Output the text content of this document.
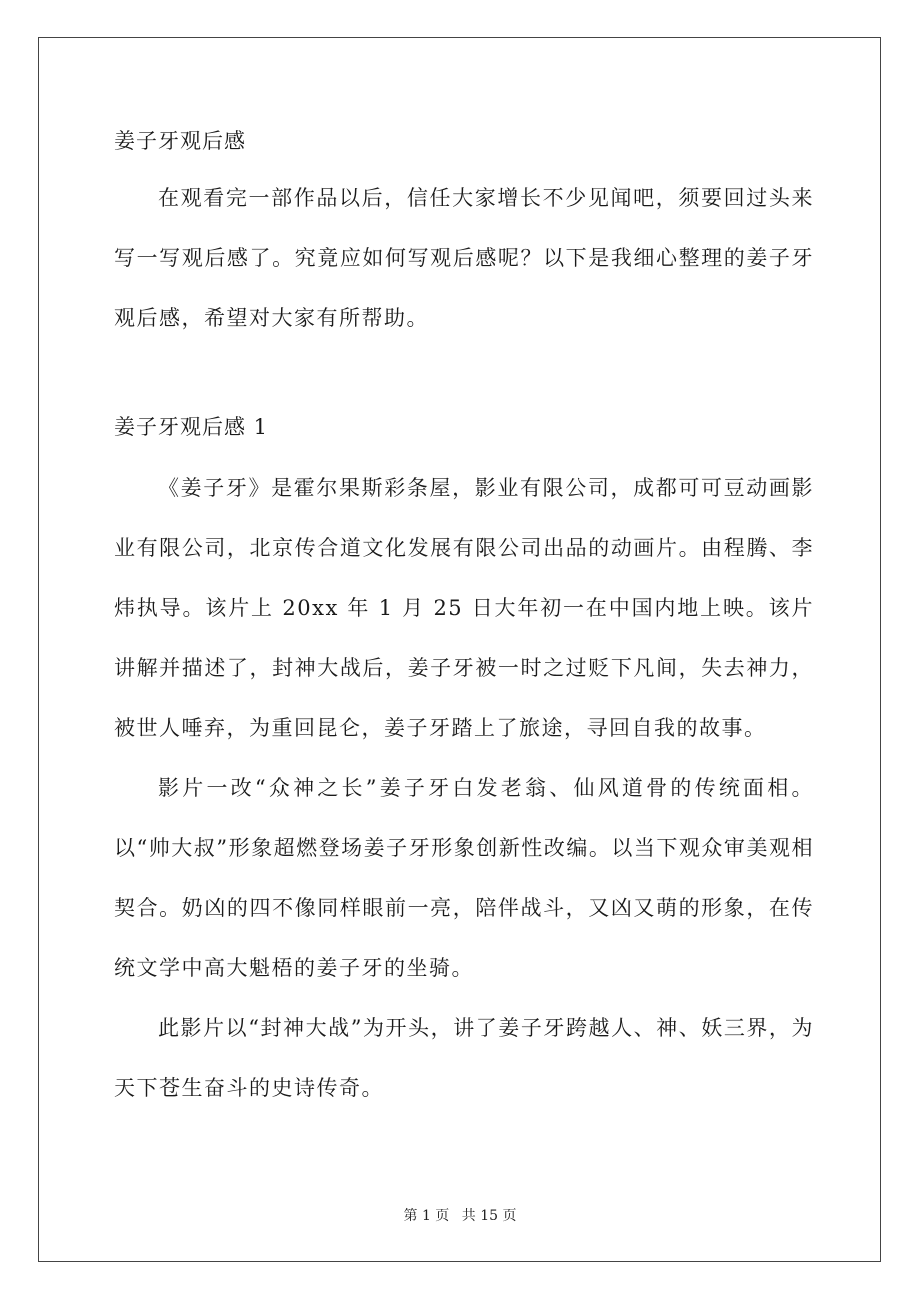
姜子牙观后感

在观看完一部作品以后，信任大家增长不少见闻吧，须要回过头来写一写观后感了。究竟应如何写观后感呢？以下是我细心整理的姜子牙观后感，希望对大家有所帮助。

姜子牙观后感 1

《姜子牙》是霍尔果斯彩条屋，影业有限公司，成都可可豆动画影业有限公司，北京传合道文化发展有限公司出品的动画片。由程腾、李炜执导。该片上 20xx 年 1 月 25 日大年初一在中国内地上映。该片讲解并描述了，封神大战后，姜子牙被一时之过贬下凡间，失去神力，被世人唾弃，为重回昆仑，姜子牙踏上了旅途，寻回自我的故事。

影片一改“众神之长”姜子牙白发老翁、仙风道骨的传统面相。以“帅大叔”形象超燃登场姜子牙形象创新性改编。以当下观众审美观相契合。奶凶的四不像同样眼前一亮，陪伴战斗，又凶又萌的形象，在传统文学中高大魁梧的姜子牙的坐骑。

此影片以“封神大战”为开头，讲了姜子牙跨越人、神、妖三界，为天下苍生奋斗的史诗传奇。

第 1 页 共 15 页
